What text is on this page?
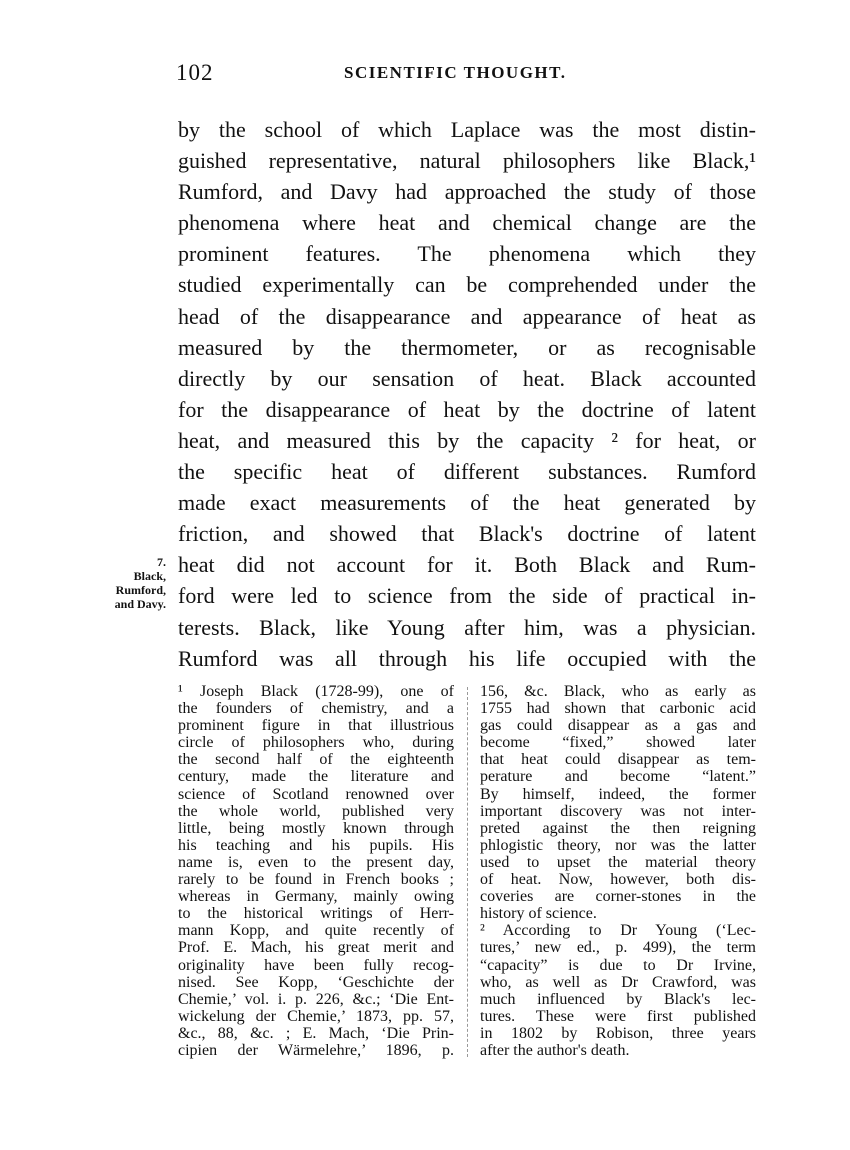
102	SCIENTIFIC THOUGHT.
7.
Black,
Rumford,
and Davy.
by the school of which Laplace was the most distin-
guished representative, natural philosophers like Black,¹
Rumford, and Davy had approached the study of those
phenomena where heat and chemical change are the
prominent features. The phenomena which they
studied experimentally can be comprehended under the
head of the disappearance and appearance of heat as
measured by the thermometer, or as recognisable
directly by our sensation of heat. Black accounted
for the disappearance of heat by the doctrine of latent
heat, and measured this by the capacity ² for heat, or
the specific heat of different substances. Rumford
made exact measurements of the heat generated by
friction, and showed that Black's doctrine of latent
heat did not account for it. Both Black and Rum-
ford were led to science from the side of practical in-
terests. Black, like Young after him, was a physician.
Rumford was all through his life occupied with the
¹ Joseph Black (1728-99), one of
the founders of chemistry, and a
prominent figure in that illustrious
circle of philosophers who, during
the second half of the eighteenth
century, made the literature and
science of Scotland renowned over
the whole world, published very
little, being mostly known through
his teaching and his pupils. His
name is, even to the present day,
rarely to be found in French books ;
whereas in Germany, mainly owing
to the historical writings of Herr-
mann Kopp, and quite recently of
Prof. E. Mach, his great merit and
originality have been fully recog-
nised. See Kopp, ‘Geschichte der
Chemie,’ vol. i. p. 226, &c.; ‘Die Ent-
wickelung der Chemie,’ 1873, pp. 57,
&c., 88, &c. ; E. Mach, ‘Die Prin-
cipien der Wärmelehre,’ 1896, p.
156, &c. Black, who as early as
1755 had shown that carbonic acid
gas could disappear as a gas and
become “fixed,” showed later
that heat could disappear as tem-
perature and become “latent.”
By himself, indeed, the former
important discovery was not inter-
preted against the then reigning
phlogistic theory, nor was the latter
used to upset the material theory
of heat. Now, however, both dis-
coveries are corner-stones in the
history of science.
² According to Dr Young (‘Lec-
tures,’ new ed., p. 499), the term
“capacity” is due to Dr Irvine,
who, as well as Dr Crawford, was
much influenced by Black's lec-
tures. These were first published
in 1802 by Robison, three years
after the author's death.
